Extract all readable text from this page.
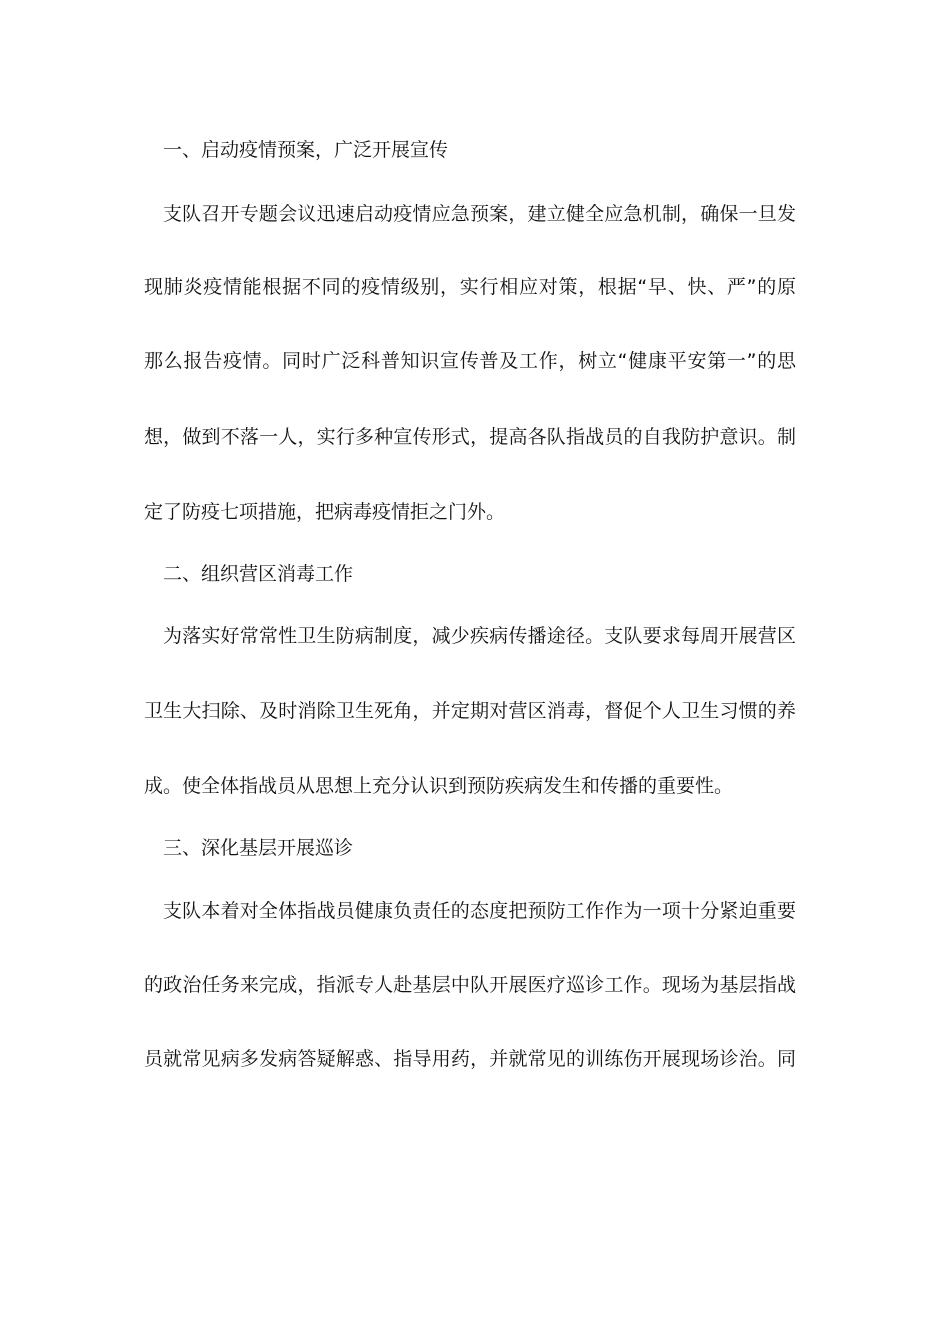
一、启动疫情预案，广泛开展宣传
支队召开专题会议迅速启动疫情应急预案，建立健全应急机制，确保一旦发
现肺炎疫情能根据不同的疫情级别，实行相应对策，根据“早、快、严”的原
那么报告疫情。同时广泛科普知识宣传普及工作，树立“健康平安第一”的思
想，做到不落一人，实行多种宣传形式，提高各队指战员的自我防护意识。制
定了防疫七项措施，把病毒疫情拒之门外。
二、组织营区消毒工作
为落实好常常性卫生防病制度，减少疾病传播途径。支队要求每周开展营区
卫生大扫除、及时消除卫生死角，并定期对营区消毒，督促个人卫生习惯的养
成。使全体指战员从思想上充分认识到预防疾病发生和传播的重要性。
三、深化基层开展巡诊
支队本着对全体指战员健康负责任的态度把预防工作作为一项十分紧迫重要
的政治任务来完成，指派专人赴基层中队开展医疗巡诊工作。现场为基层指战
员就常见病多发病答疑解惑、指导用药，并就常见的训练伤开展现场诊治。同
